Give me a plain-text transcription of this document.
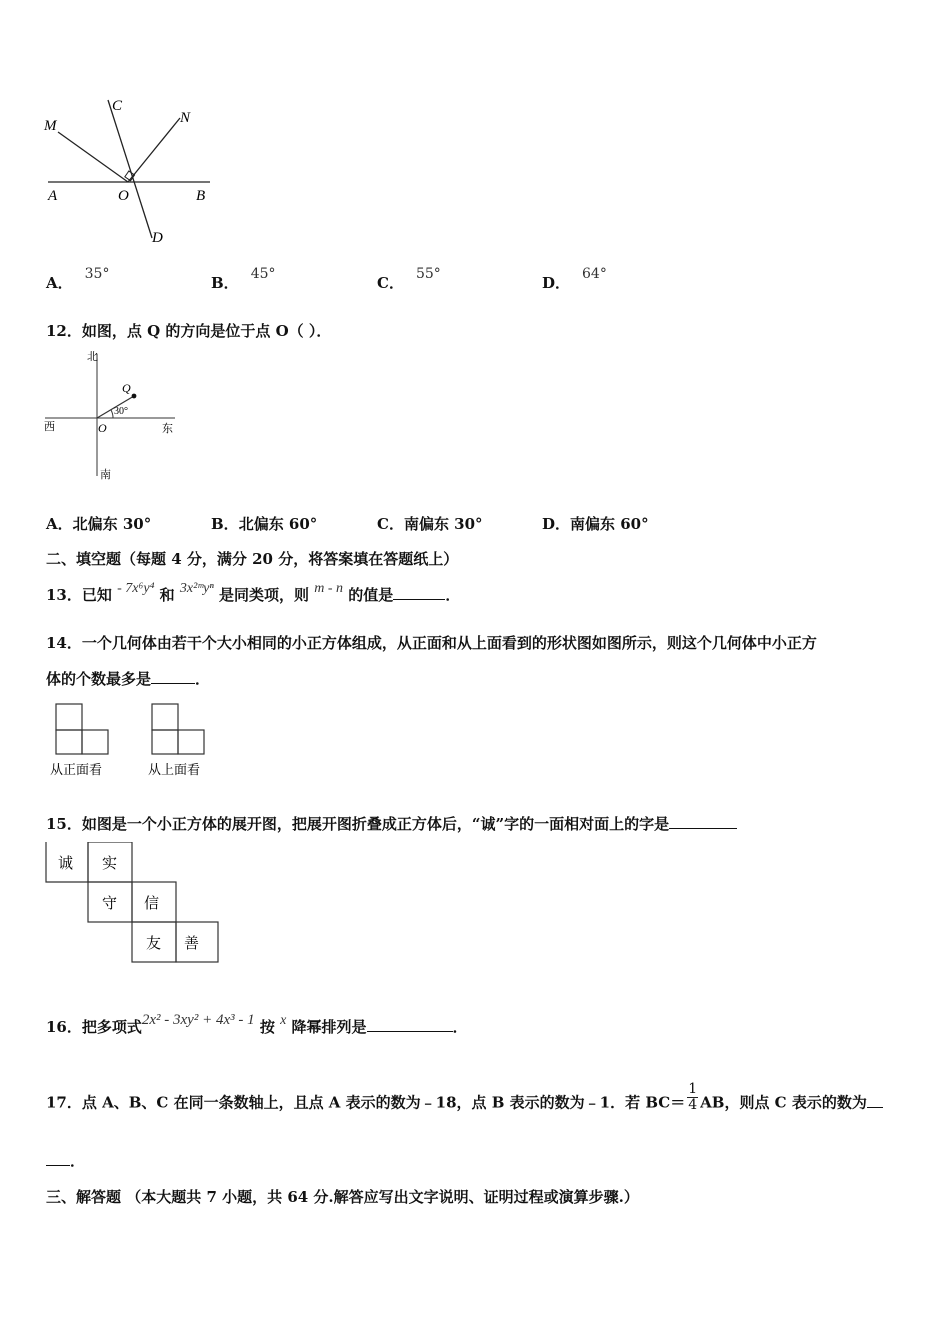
M
C
N
A	O	B
D
A． 35°	B． 45°	C． 55°	D． 64°
12．如图，点 Q 的方向是位于点 O（ ）．
北
西	东
南
O
Q
30°
A．北偏东 30°	B．北偏东 60°	C．南偏东 30°	D．南偏东 60°
二、填空题（每题 4 分，满分 20 分，将答案填在答题纸上）
13．已知 - 7x⁶y⁴ 和 3x²ᵐyⁿ 是同类项，则 m - n 的值是	．
14．一个几何体由若干个大小相同的小正方体组成，从正面和从上面看到的形状图如图所示，则这个几何体中小正方
体的个数最多是	．
从正面看	从上面看
15．如图是一个小正方体的展开图，把展开图折叠成正方体后，“诚”字的一面相对面上的字是
诚 实
守 信
友 善
16．把多项式2x² - 3xy² + 4x³ - 1 按 x 降幂排列是	．
17．点 A、B、C 在同一条数轴上，且点 A 表示的数为﹣18，点 B 表示的数为﹣1．若 $BC= \frac{1}{4}$ AB，则点 C 表示的数为
．
三、解答题 （本大题共 7 小题，共 64 分.解答应写出文字说明、证明过程或演算步骤.）
